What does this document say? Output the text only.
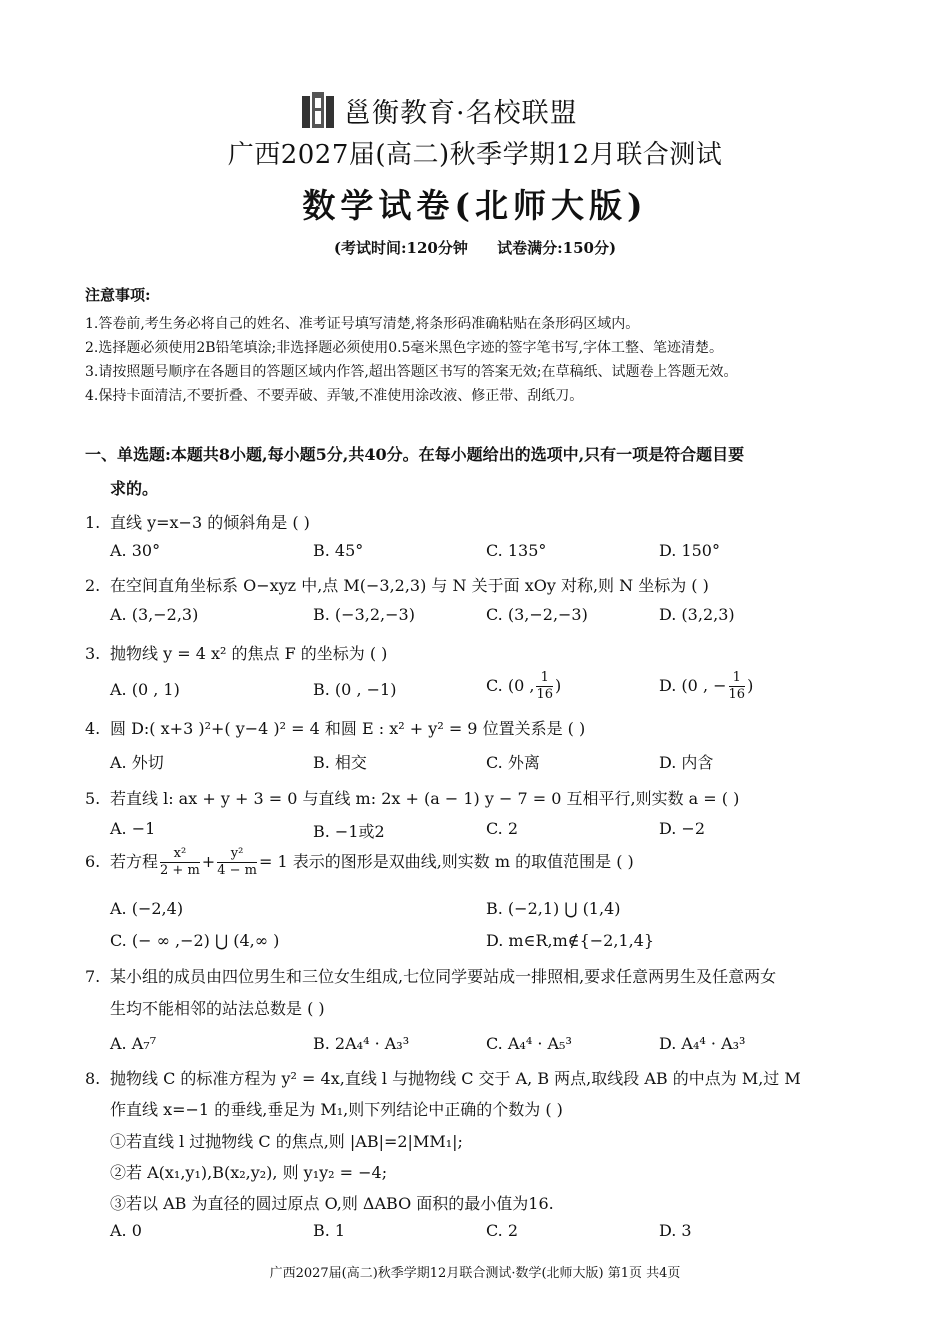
邕衡教育·名校联盟
广西2027届(高二)秋季学期12月联合测试
数学试卷(北师大版)
(考试时间:120分钟 试卷满分:150分)
注意事项:
1.答卷前,考生务必将自己的姓名、准考证号填写清楚,将条形码准确粘贴在条形码区域内。
2.选择题必须使用2B铅笔填涂;非选择题必须使用0.5毫米黑色字迹的签字笔书写,字体工整、笔迹清楚。
3.请按照题号顺序在各题目的答题区域内作答,超出答题区书写的答案无效;在草稿纸、试题卷上答题无效。
4.保持卡面清洁,不要折叠、不要弄破、弄皱,不准使用涂改液、修正带、刮纸刀。
一、单选题:本题共8小题,每小题5分,共40分。在每小题给出的选项中,只有一项是符合题目要
求的。
1. 直线 y=x−3 的倾斜角是 ( )
A. 30°	B. 45°	C. 135°	D. 150°
2. 在空间直角坐标系 O−xyz 中,点 M(−3,2,3) 与 N 关于面 xOy 对称,则 N 坐标为 ( )
A. (3,−2,3)	B. (−3,2,−3)	C. (3,−2,−3)	D. (3,2,3)
3. 抛物线 y = 4 x² 的焦点 F 的坐标为 ( )
A. (0 , 1)	B. (0 , −1)	C. (0 , $\frac{1}{16}$ )	D. (0 , − $\frac{1}{16}$ )
4. 圆 D:( x+3 )²+( y−4 )² = 4 和圆 E : x² + y² = 9 位置关系是 ( )
A. 外切	B. 相交	C. 外离	D. 内含
5. 若直线 l: ax + y + 3 = 0 与直线 m: 2x + (a − 1) y − 7 = 0 互相平行,则实数 a = ( )
A. −1	B. −1或2	C. 2	D. −2
6. 若方程 $\frac{\text{x²}}{2 + m} + \frac{\text{y²}}{4 - m} = 1$ 表示的图形是双曲线,则实数 m 的取值范围是 ( )
A. (−2,4)	B. (−2,1) ⋃ (1,4)
C. (− ∞ ,−2) ⋃ (4,∞ )	D. m∈R,m∉{−2,1,4}
7. 某小组的成员由四位男生和三位女生组成,七位同学要站成一排照相,要求任意两男生及任意两女
生均不能相邻的站法总数是 ( )
A. A₇⁷	B. 2A₄⁴ · A₃³	C. A₄⁴ · A₅³	D. A₄⁴ · A₃³
8. 抛物线 C 的标准方程为 y² = 4x,直线 l 与抛物线 C 交于 A, B 两点,取线段 AB 的中点为 M,过 M
作直线 x=−1 的垂线,垂足为 M₁,则下列结论中正确的个数为 ( )
①若直线 l 过抛物线 C 的焦点,则 |AB|=2|MM₁|;
②若 A(x₁,y₁),B(x₂,y₂), 则 y₁y₂ = −4;
③若以 AB 为直径的圆过原点 O,则 ΔABO 面积的最小值为16.
A. 0	B. 1	C. 2	D. 3
广西2027届(高二)秋季学期12月联合测试·数学(北师大版) 第1页 共4页
